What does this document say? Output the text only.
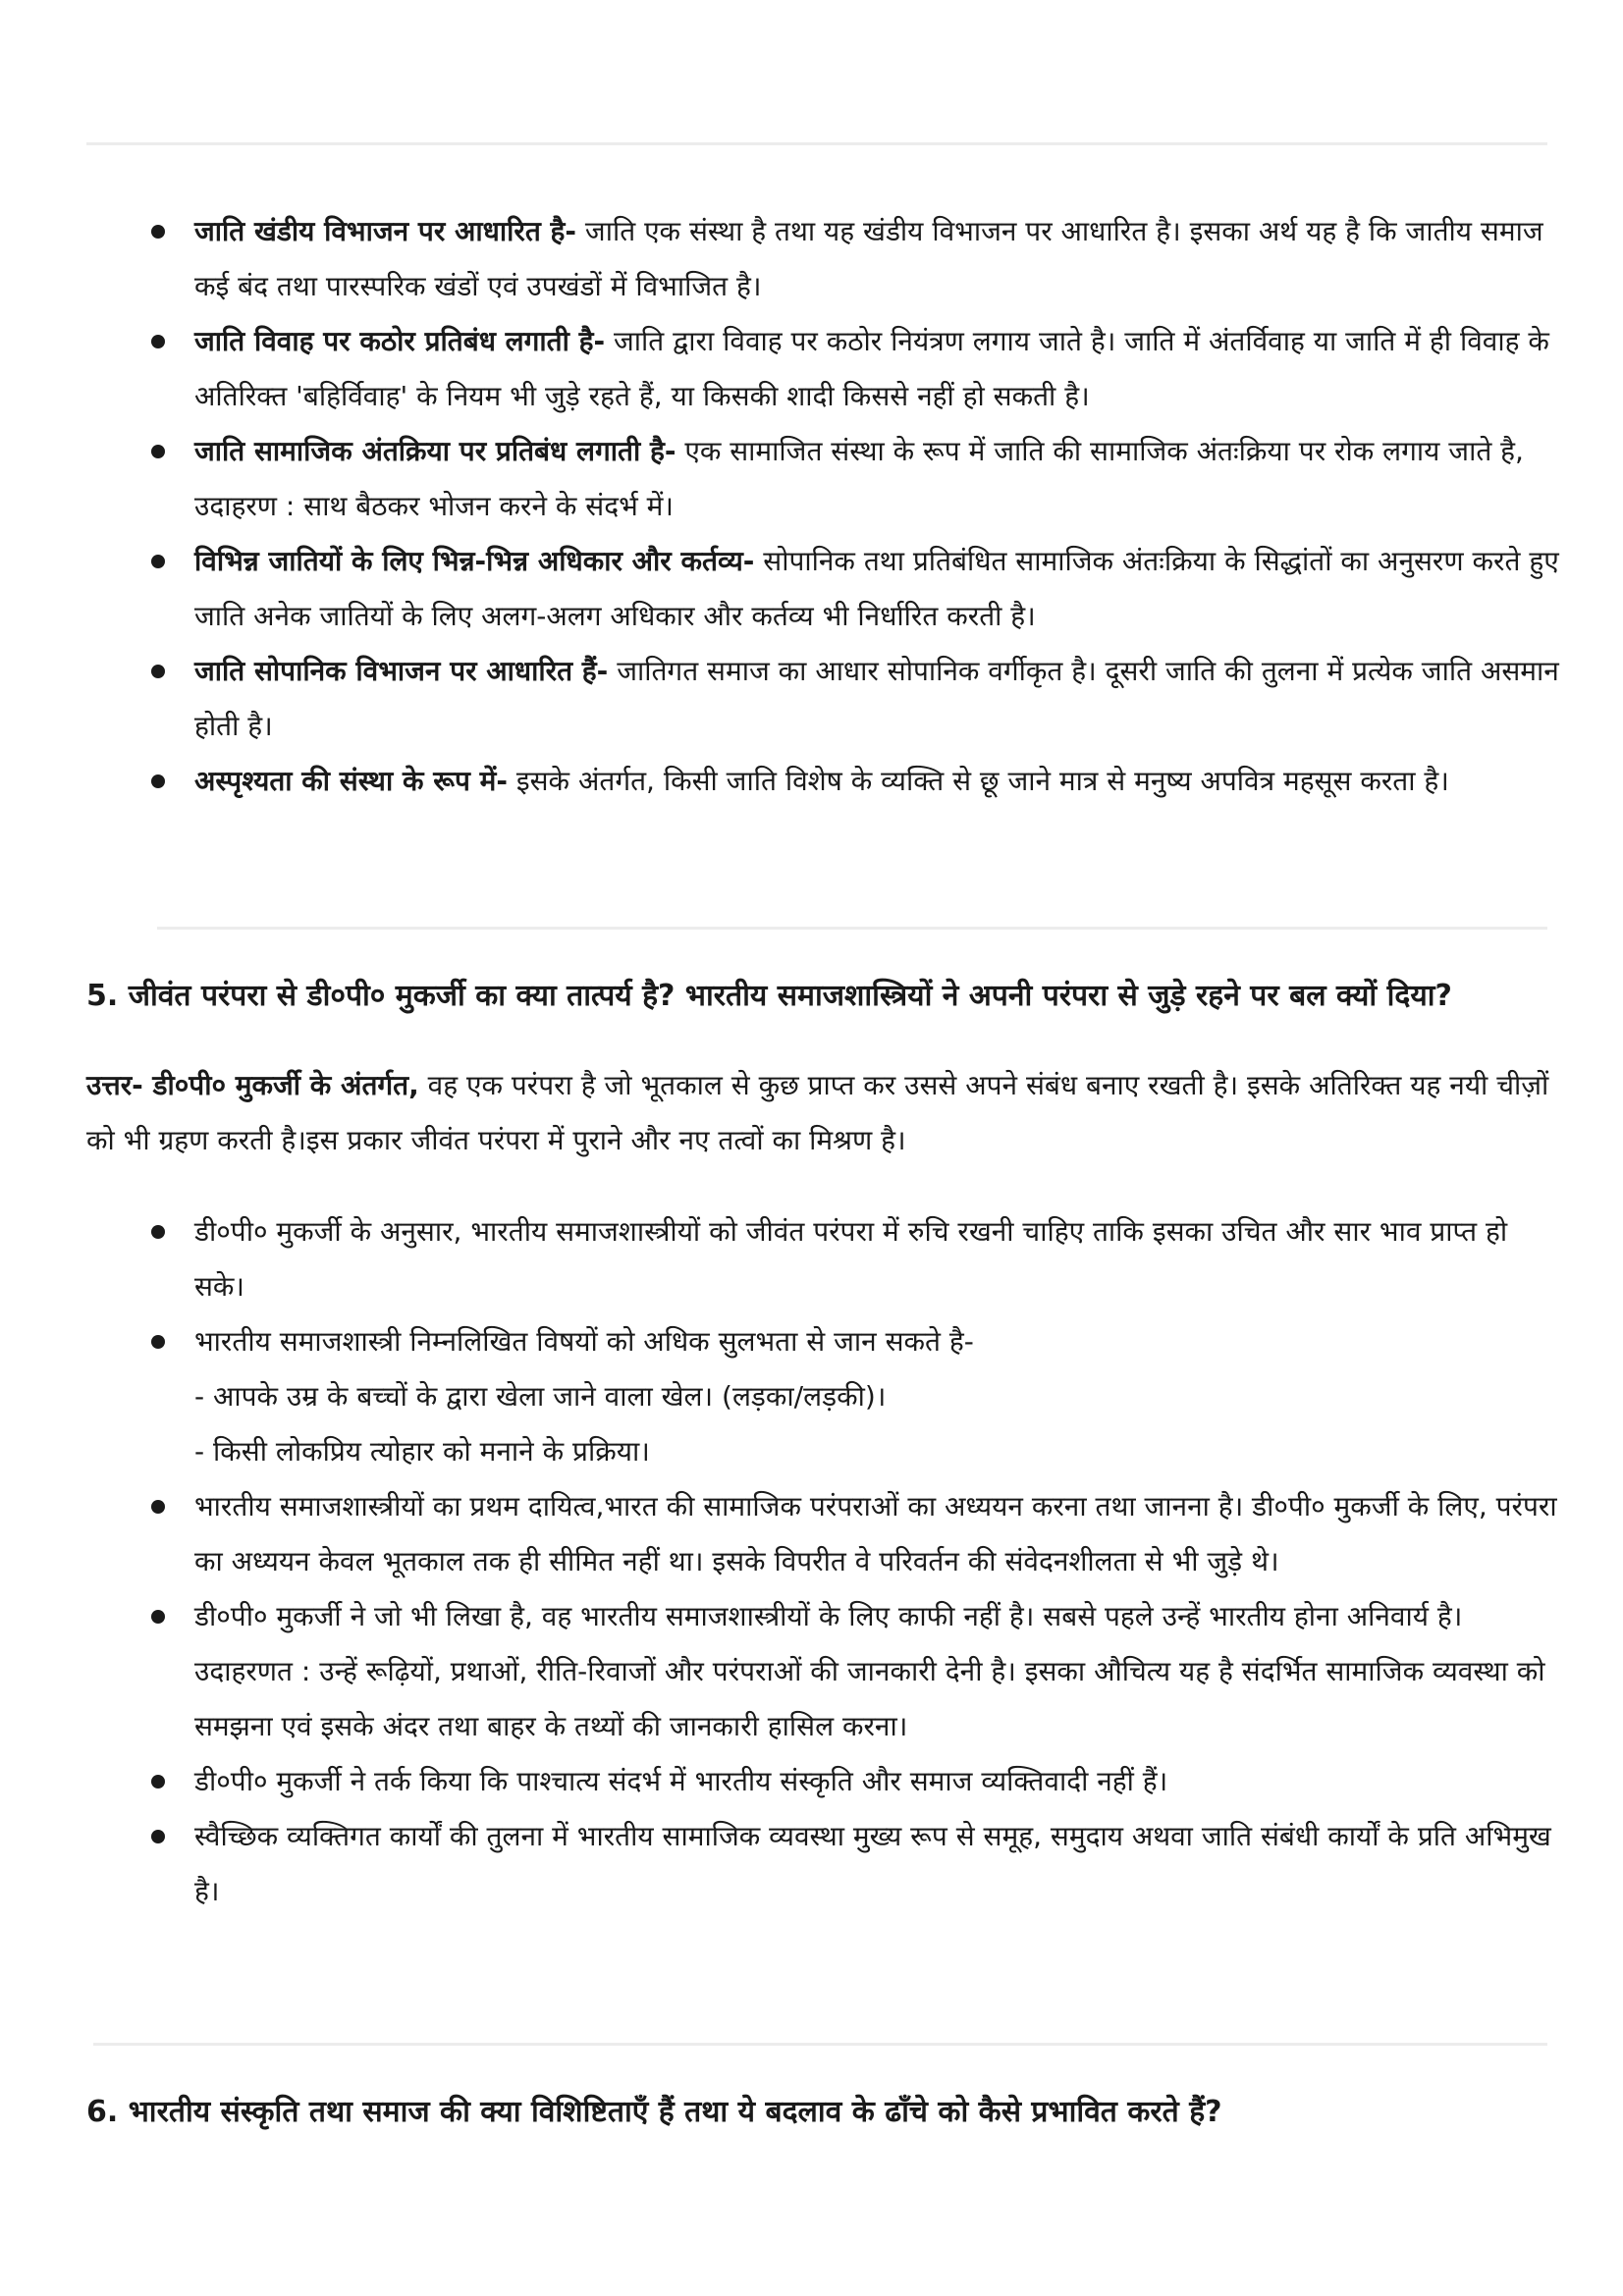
जाति खंडीय विभाजन पर आधारित है- जाति एक संस्था है तथा यह खंडीय विभाजन पर आधारित है। इसका अर्थ यह है कि जातीय समाज कई बंद तथा पारस्परिक खंडों एवं उपखंडों में विभाजित है।
जाति विवाह पर कठोर प्रतिबंध लगाती है- जाति द्वारा विवाह पर कठोर नियंत्रण लगाय जाते है। जाति में अंतर्विवाह या जाति में ही विवाह के अतिरिक्त 'बहिर्विवाह' के नियम भी जुड़े रहते हैं, या किसकी शादी किससे नहीं हो सकती है।
जाति सामाजिक अंतक्रिया पर प्रतिबंध लगाती है- एक सामाजित संस्था के रूप में जाति की सामाजिक अंतःक्रिया पर रोक लगाय जाते है, उदाहरण : साथ बैठकर भोजन करने के संदर्भ में।
विभिन्न जातियों के लिए भिन्न-भिन्न अधिकार और कर्तव्य- सोपानिक तथा प्रतिबंधित सामाजिक अंतःक्रिया के सिद्धांतों का अनुसरण करते हुए जाति अनेक जातियों के लिए अलग-अलग अधिकार और कर्तव्य भी निर्धारित करती है।
जाति सोपानिक विभाजन पर आधारित हैं- जातिगत समाज का आधार सोपानिक वर्गीकृत है। दूसरी जाति की तुलना में प्रत्येक जाति असमान होती है।
अस्पृश्यता की संस्था के रूप में- इसके अंतर्गत, किसी जाति विशेष के व्यक्ति से छू जाने मात्र से मनुष्य अपवित्र महसूस करता है।
5. जीवंत परंपरा से डी०पी० मुकर्जी का क्या तात्पर्य है? भारतीय समाजशास्त्रियों ने अपनी परंपरा से जुड़े रहने पर बल क्यों दिया?

उत्तर- डी०पी० मुकर्जी के अंतर्गत, वह एक परंपरा है जो भूतकाल से कुछ प्राप्त कर उससे अपने संबंध बनाए रखती है। इसके अतिरिक्त यह नयी चीज़ों को भी ग्रहण करती है।इस प्रकार जीवंत परंपरा में पुराने और नए तत्वों का मिश्रण है।

डी०पी० मुकर्जी के अनुसार, भारतीय समाजशास्त्रीयों को जीवंत परंपरा में रुचि रखनी चाहिए ताकि इसका उचित और सार भाव प्राप्त हो सके।
भारतीय समाजशास्त्री निम्नलिखित विषयों को अधिक सुलभता से जान सकते है-
- आपके उम्र के बच्चों के द्वारा खेला जाने वाला खेल। (लड़का/लड़की)।
- किसी लोकप्रिय त्योहार को मनाने के प्रक्रिया।
भारतीय समाजशास्त्रीयों का प्रथम दायित्व,भारत की सामाजिक परंपराओं का अध्ययन करना तथा जानना है। डी०पी० मुकर्जी के लिए, परंपरा का अध्ययन केवल भूतकाल तक ही सीमित नहीं था। इसके विपरीत वे परिवर्तन की संवेदनशीलता से भी जुड़े थे।
डी०पी० मुकर्जी ने जो भी लिखा है, वह भारतीय समाजशास्त्रीयों के लिए काफी नहीं है। सबसे पहले उन्हें भारतीय होना अनिवार्य है। उदाहरणत : उन्हें रूढ़ियों, प्रथाओं, रीति-रिवाजों और परंपराओं की जानकारी देनी है। इसका औचित्य यह है संदर्भित सामाजिक व्यवस्था को समझना एवं इसके अंदर तथा बाहर के तथ्यों की जानकारी हासिल करना।
डी०पी० मुकर्जी ने तर्क किया कि पाश्चात्य संदर्भ में भारतीय संस्कृति और समाज व्यक्तिवादी नहीं हैं।
स्वैच्छिक व्यक्तिगत कार्यों की तुलना में भारतीय सामाजिक व्यवस्था मुख्य रूप से समूह, समुदाय अथवा जाति संबंधी कार्यों के प्रति अभिमुख है।
6. भारतीय संस्कृति तथा समाज की क्या विशिष्टिताएँ हैं तथा ये बदलाव के ढाँचे को कैसे प्रभावित करते हैं?
